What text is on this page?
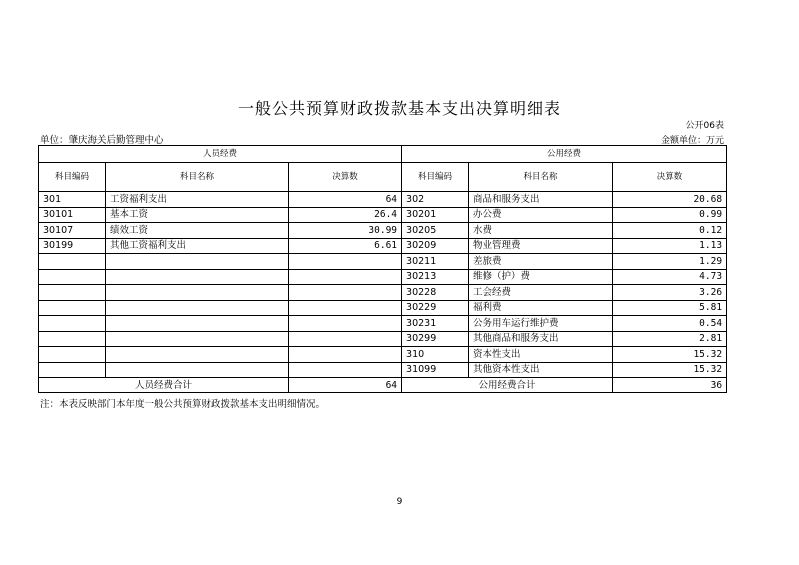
一般公共预算财政拨款基本支出决算明细表
公开06表
单位：肇庆海关后勤管理中心	金额单位：万元
人员经费			公用经费		
科目编码	科目名称	决算数	科目编码	科目名称	决算数
301	工资福利支出	64	302	商品和服务支出	20.68
30101	基本工资	26.4	30201	办公费	0.99
30107	绩效工资	30.99	30205	水费	0.12
30199	其他工资福利支出	6.61	30209	物业管理费	1.13
			30211	差旅费	1.29
			30213	维修（护）费	4.73
			30228	工会经费	3.26
			30229	福利费	5.81
			30231	公务用车运行维护费	0.54
			30299	其他商品和服务支出	2.81
			310	资本性支出	15.32
			31099	其他资本性支出	15.32
人员经费合计		64	公用经费合计		36
注：本表反映部门本年度一般公共预算财政拨款基本支出明细情况。
9
